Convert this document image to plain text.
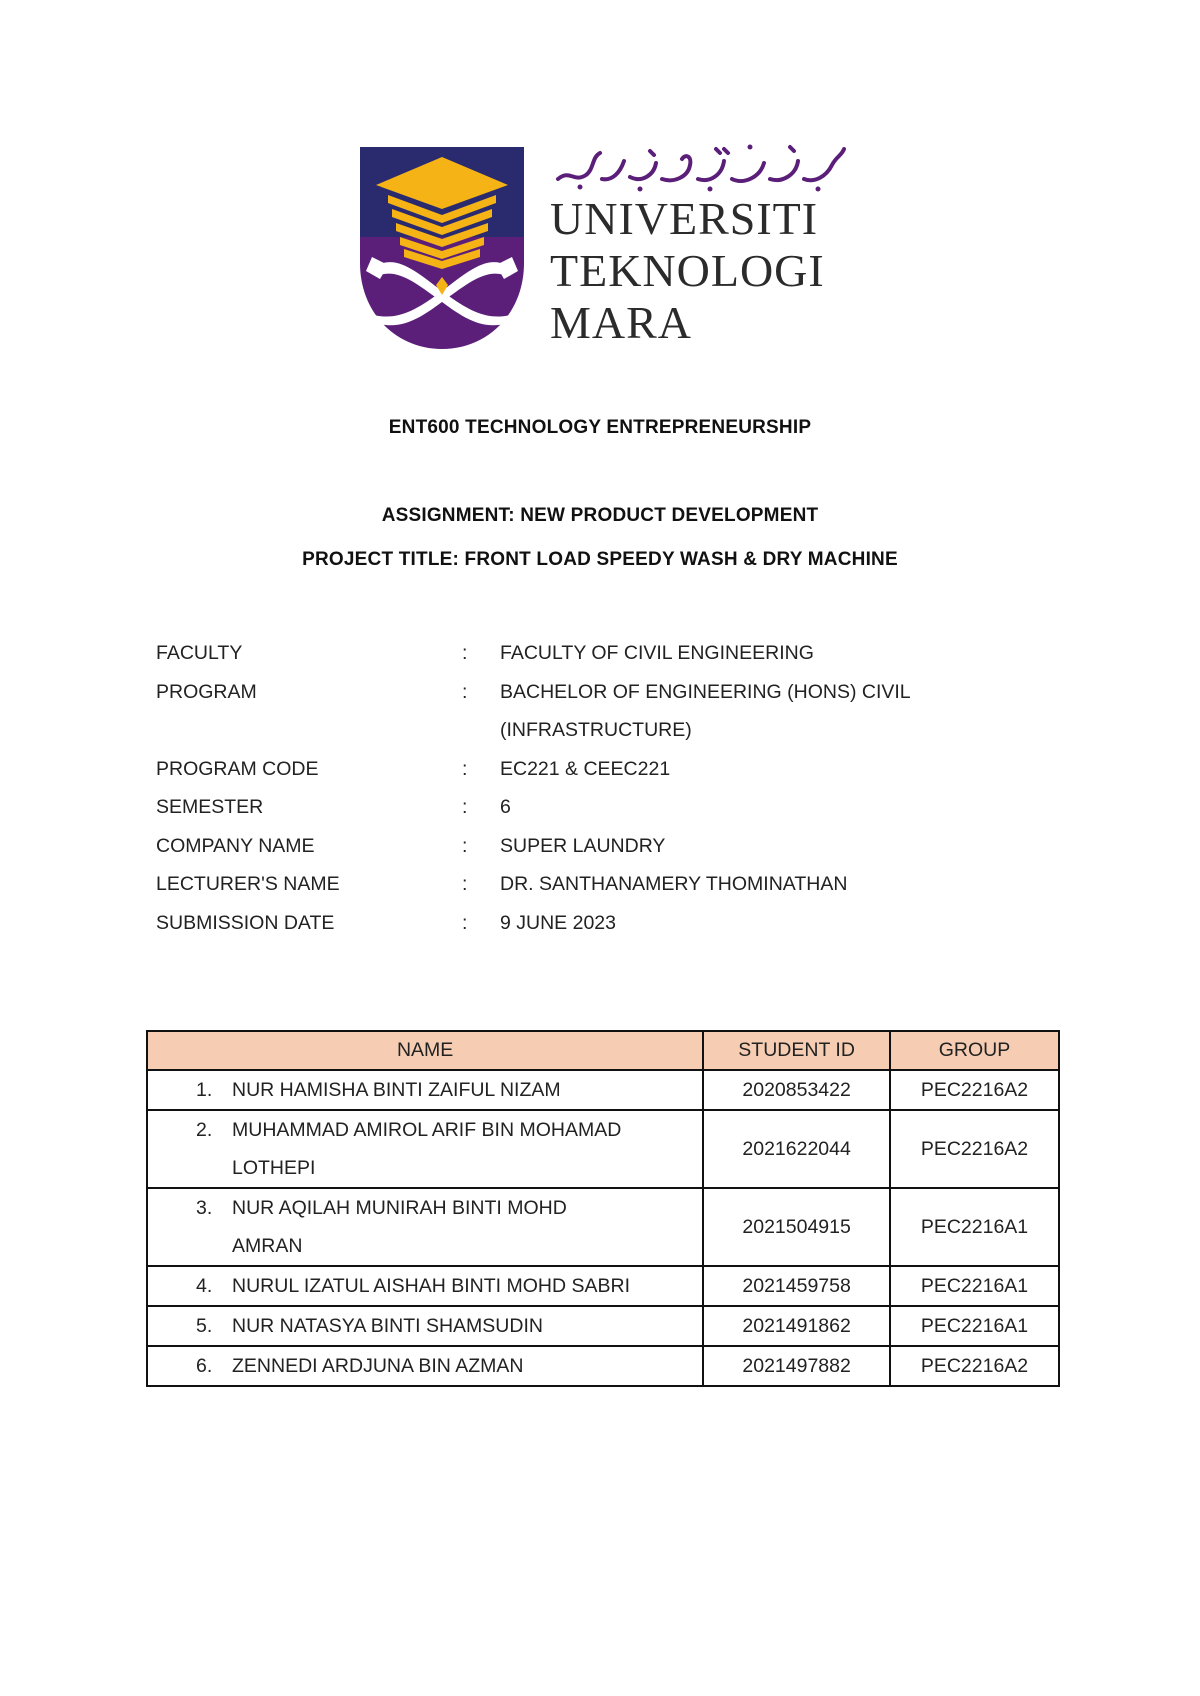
UNIVERSITI
TEKNOLOGI
MARA
ENT600 TECHNOLOGY ENTREPRENEURSHIP
ASSIGNMENT: NEW PRODUCT DEVELOPMENT
PROJECT TITLE: FRONT LOAD SPEEDY WASH & DRY MACHINE
FACULTY	:	FACULTY OF CIVIL ENGINEERING
PROGRAM	:	BACHELOR OF ENGINEERING (HONS) CIVIL
(INFRASTRUCTURE)
PROGRAM CODE	:	EC221 & CEEC221
SEMESTER	:	6
COMPANY NAME	:	SUPER LAUNDRY
LECTURER'S NAME	:	DR. SANTHANAMERY THOMINATHAN
SUBMISSION DATE	:	9 JUNE 2023
NAME	STUDENT ID	GROUP

1. NUR HAMISHA BINTI ZAIFUL NIZAM	2020853422	PEC2216A2

2. MUHAMMAD AMIROL ARIF BIN MOHAMAD
LOTHEPI	2021622044	PEC2216A2

3. NUR AQILAH MUNIRAH BINTI MOHD
AMRAN	2021504915	PEC2216A1

4. NURUL IZATUL AISHAH BINTI MOHD SABRI	2021459758	PEC2216A1

5. NUR NATASYA BINTI SHAMSUDIN	2021491862	PEC2216A1

6. ZENNEDI ARDJUNA BIN AZMAN	2021497882	PEC2216A2
